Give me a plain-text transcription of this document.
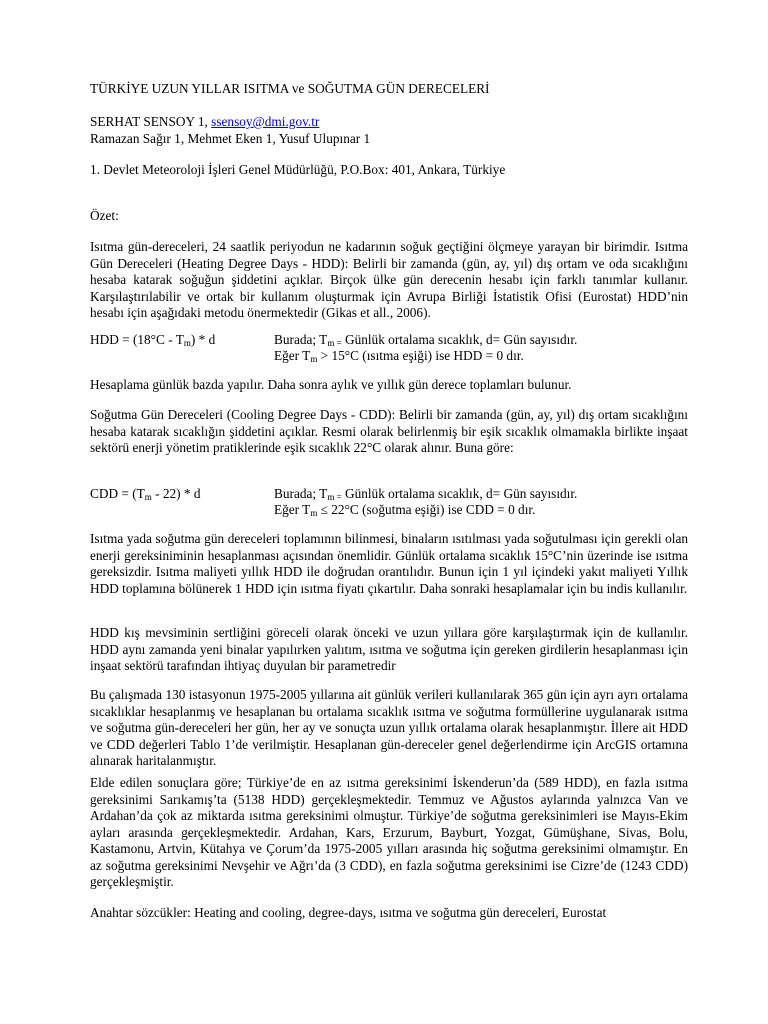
TÜRKİYE UZUN YILLAR ISITMA ve SOĞUTMA GÜN DERECELERİ
SERHAT SENSOY 1, ssensoy@dmi.gov.tr
Ramazan Sağır 1, Mehmet Eken 1, Yusuf Ulupınar 1
1. Devlet Meteoroloji İşleri Genel Müdürlüğü, P.O.Box: 401, Ankara, Türkiye
Özet:

Isıtma gün-dereceleri, 24 saatlik periyodun ne kadarının soğuk geçtiğini ölçmeye yarayan bir birimdir. Isıtma Gün Dereceleri (Heating Degree Days - HDD): Belirli bir zamanda (gün, ay, yıl) dış ortam ve oda sıcaklığını hesaba katarak soğuğun şiddetini açıklar. Birçok ülke gün derecenin hesabı için farklı tanımlar kullanır. Karşılaştırılabilir ve ortak bir kullanım oluşturmak için Avrupa Birliği İstatistik Ofisi (Eurostat) HDD’nin hesabı için aşağıdaki metodu önermektedir (Gikas et all., 2006).

HDD = $(18^\circ C - T_m)$ * d	Burada; $T_{m =}$ Günlük ortalama sıcaklık, d= Gün sayısıdır.
Eğer $T_m > 15^\circ C$ (ısıtma eşiği) ise HDD = 0 dır.
Hesaplama günlük bazda yapılır. Daha sonra aylık ve yıllık gün derece toplamları bulunur.

Soğutma Gün Dereceleri (Cooling Degree Days - CDD): Belirli bir zamanda (gün, ay, yıl) dış ortam sıcaklığını hesaba katarak sıcaklığın şiddetini açıklar. Resmi olarak belirlenmiş bir eşik sıcaklık olmamakla birlikte inşaat sektörü enerji yönetim pratiklerinde eşik sıcaklık 22°C olarak alınır. Buna göre:

CDD = $(T_m - 22)$ * d	Burada; $T_{m =}$ Günlük ortalama sıcaklık, d= Gün sayısıdır.
Eğer $T_m \le 22^\circ C$ (soğutma eşiği) ise CDD = 0 dır.

Isıtma yada soğutma gün dereceleri toplamının bilinmesi, binaların ısıtılması yada soğutulması için gerekli olan enerji gereksiniminin hesaplanması açısından önemlidir. Günlük ortalama sıcaklık 15°C’nin üzerinde ise ısıtma gereksizdir. Isıtma maliyeti yıllık HDD ile doğrudan orantılıdır. Bunun için 1 yıl içindeki yakıt maliyeti Yıllık HDD toplamına bölünerek 1 HDD için ısıtma fiyatı çıkartılır. Daha sonraki hesaplamalar için bu indis kullanılır.

HDD kış mevsiminin sertliğini göreceli olarak önceki ve uzun yıllara göre karşılaştırmak için de kullanılır. HDD aynı zamanda yeni binalar yapılırken yalıtım, ısıtma ve soğutma için gereken girdilerin hesaplanması için inşaat sektörü tarafından ihtiyaç duyulan bir parametredir

Bu çalışmada 130 istasyonun 1975-2005 yıllarına ait günlük verileri kullanılarak 365 gün için ayrı ayrı ortalama sıcaklıklar hesaplanmış ve hesaplanan bu ortalama sıcaklık ısıtma ve soğutma formüllerine uygulanarak ısıtma ve soğutma gün-dereceleri her gün, her ay ve sonuçta uzun yıllık ortalama olarak hesaplanmıştır. İllere ait HDD ve CDD değerleri Tablo 1’de verilmiştir. Hesaplanan gün-dereceler genel değerlendirme için ArcGIS ortamına alınarak haritalanmıştır.

Elde edilen sonuçlara göre; Türkiye’de en az ısıtma gereksinimi İskenderun’da (589 HDD), en fazla ısıtma gereksinimi Sarıkamış’ta (5138 HDD) gerçekleşmektedir. Temmuz ve Ağustos aylarında yalnızca Van ve Ardahan’da çok az miktarda ısıtma gereksinimi olmuştur. Türkiye’de soğutma gereksinimleri ise Mayıs-Ekim ayları arasında gerçekleşmektedir. Ardahan, Kars, Erzurum, Bayburt, Yozgat, Gümüşhane, Sivas, Bolu, Kastamonu, Artvin, Kütahya ve Çorum’da 1975-2005 yılları arasında hiç soğutma gereksinimi olmamıştır. En az soğutma gereksinimi Nevşehir ve Ağrı’da (3 CDD), en fazla soğutma gereksinimi ise Cizre’de (1243 CDD) gerçekleşmiştir.

Anahtar sözcükler: Heating and cooling, degree-days, ısıtma ve soğutma gün dereceleri, Eurostat
